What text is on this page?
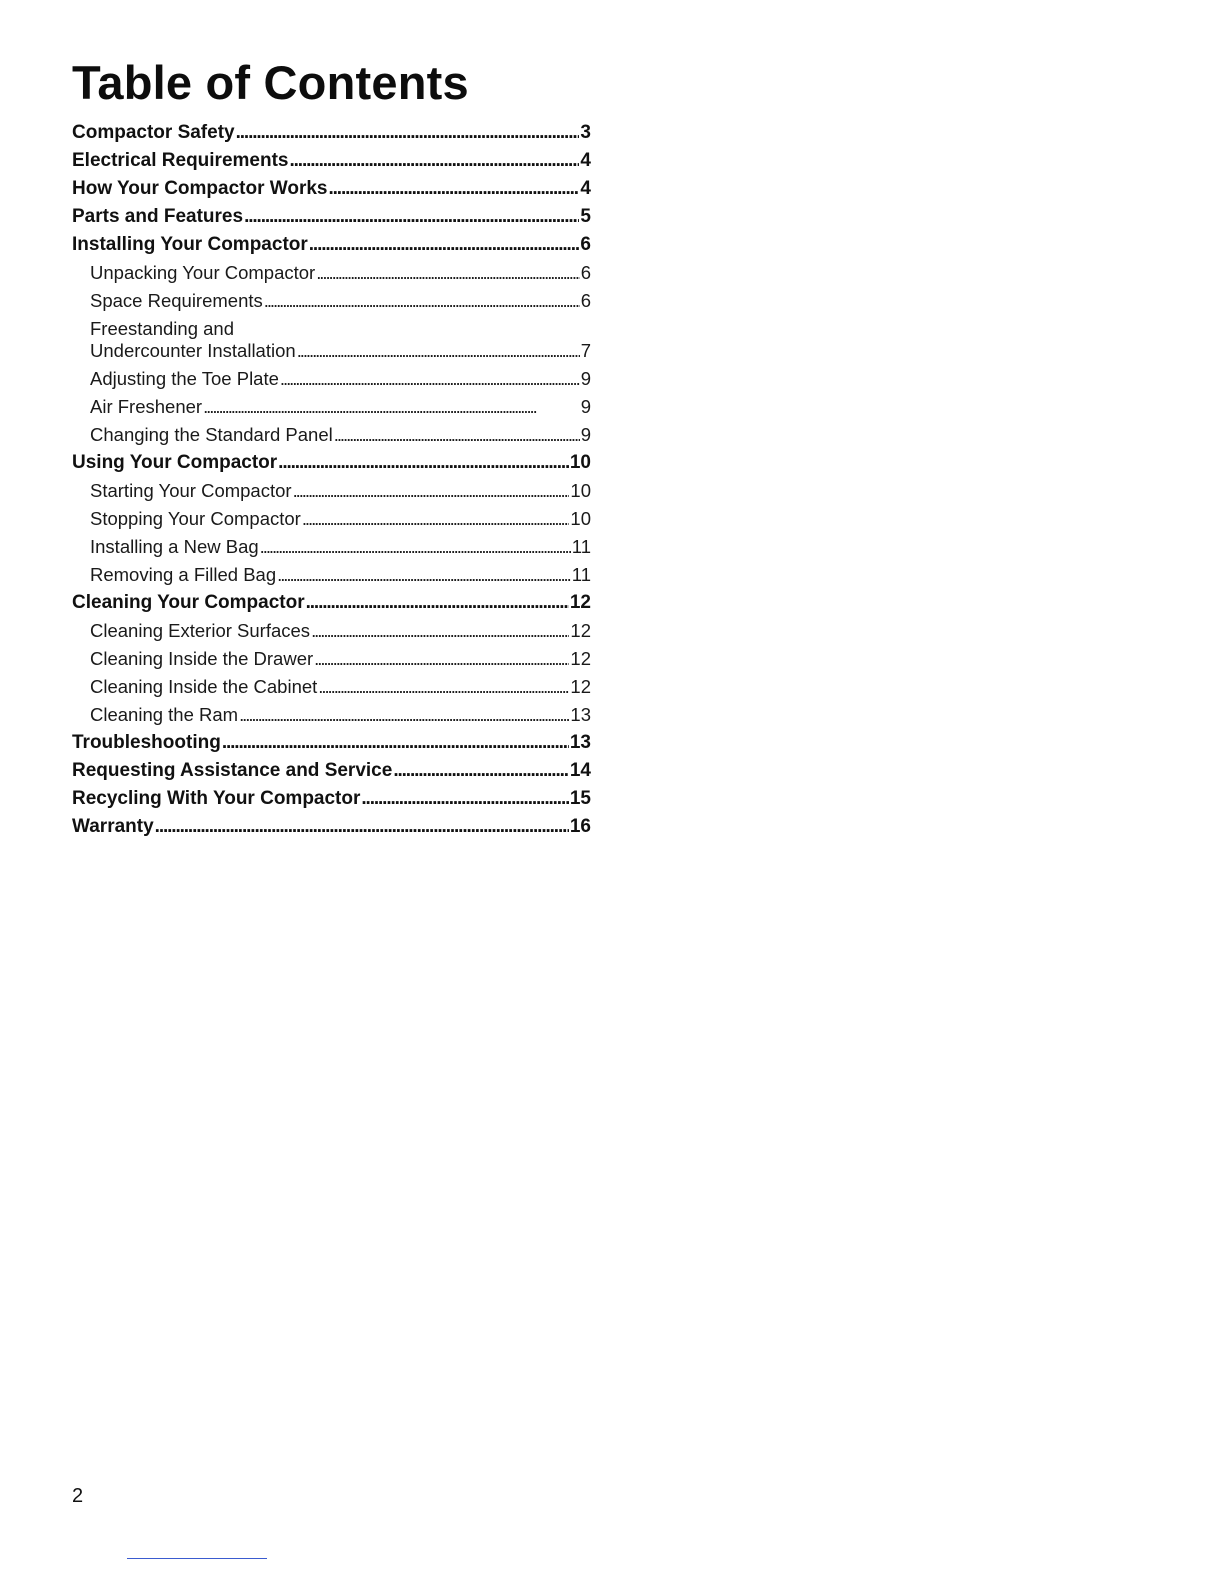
Table of Contents
Compactor Safety . . .	3
Electrical Requirements . . .	4
How Your Compactor Works . . .	4
Parts and Features . . .	5
Installing Your Compactor . . .	6
Unpacking Your Compactor . . .	6
Space Requirements . . .	6
Freestanding and
Undercounter Installation . . .	7
Adjusting the Toe Plate . . .	9
Air Freshener . . .	9
Changing the Standard Panel . . .	9
Using Your Compactor . . .	10
Starting Your Compactor . . .	10
Stopping Your Compactor . . .	10
Installing a New Bag . . .	11
Removing a Filled Bag . . .	11
Cleaning Your Compactor . . .	12
Cleaning Exterior Surfaces . . .	12
Cleaning Inside the Drawer . . .	12
Cleaning Inside the Cabinet . . .	12
Cleaning the Ram . . .	13
Troubleshooting . . .	13
Requesting Assistance and Service . . .	14
Recycling With Your Compactor . . .	15
Warranty . . .	16
2
